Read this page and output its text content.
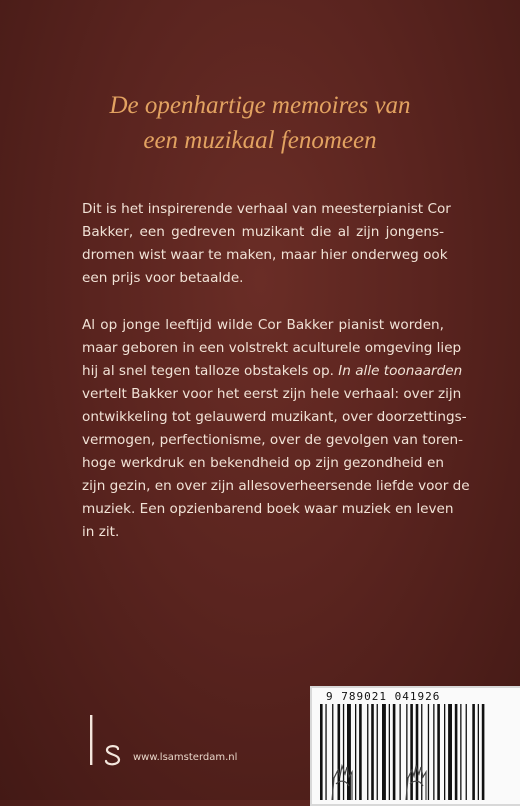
De openhartige memoires van
een muzikaal fenomeen
Dit is het inspirerende verhaal van meesterpianist Cor
Bakker, een gedreven muzikant die al zijn jongens-
dromen wist waar te maken, maar hier onderweg ook
een prijs voor betaalde.
Al op jonge leeftijd wilde Cor Bakker pianist worden,
maar geboren in een volstrekt aculturele omgeving liep
hij al snel tegen talloze obstakels op. In alle toonaarden
vertelt Bakker voor het eerst zijn hele verhaal: over zijn
ontwikkeling tot gelauwerd muzikant, over doorzettings-
vermogen, perfectionisme, over de gevolgen van toren-
hoge werkdruk en bekendheid op zijn gezondheid en
zijn gezin, en over zijn allesoverheersende liefde voor de
muziek. Een opzienbarend boek waar muziek en leven
in zit.
www.lsamsterdam.nl
9 789021 041926
